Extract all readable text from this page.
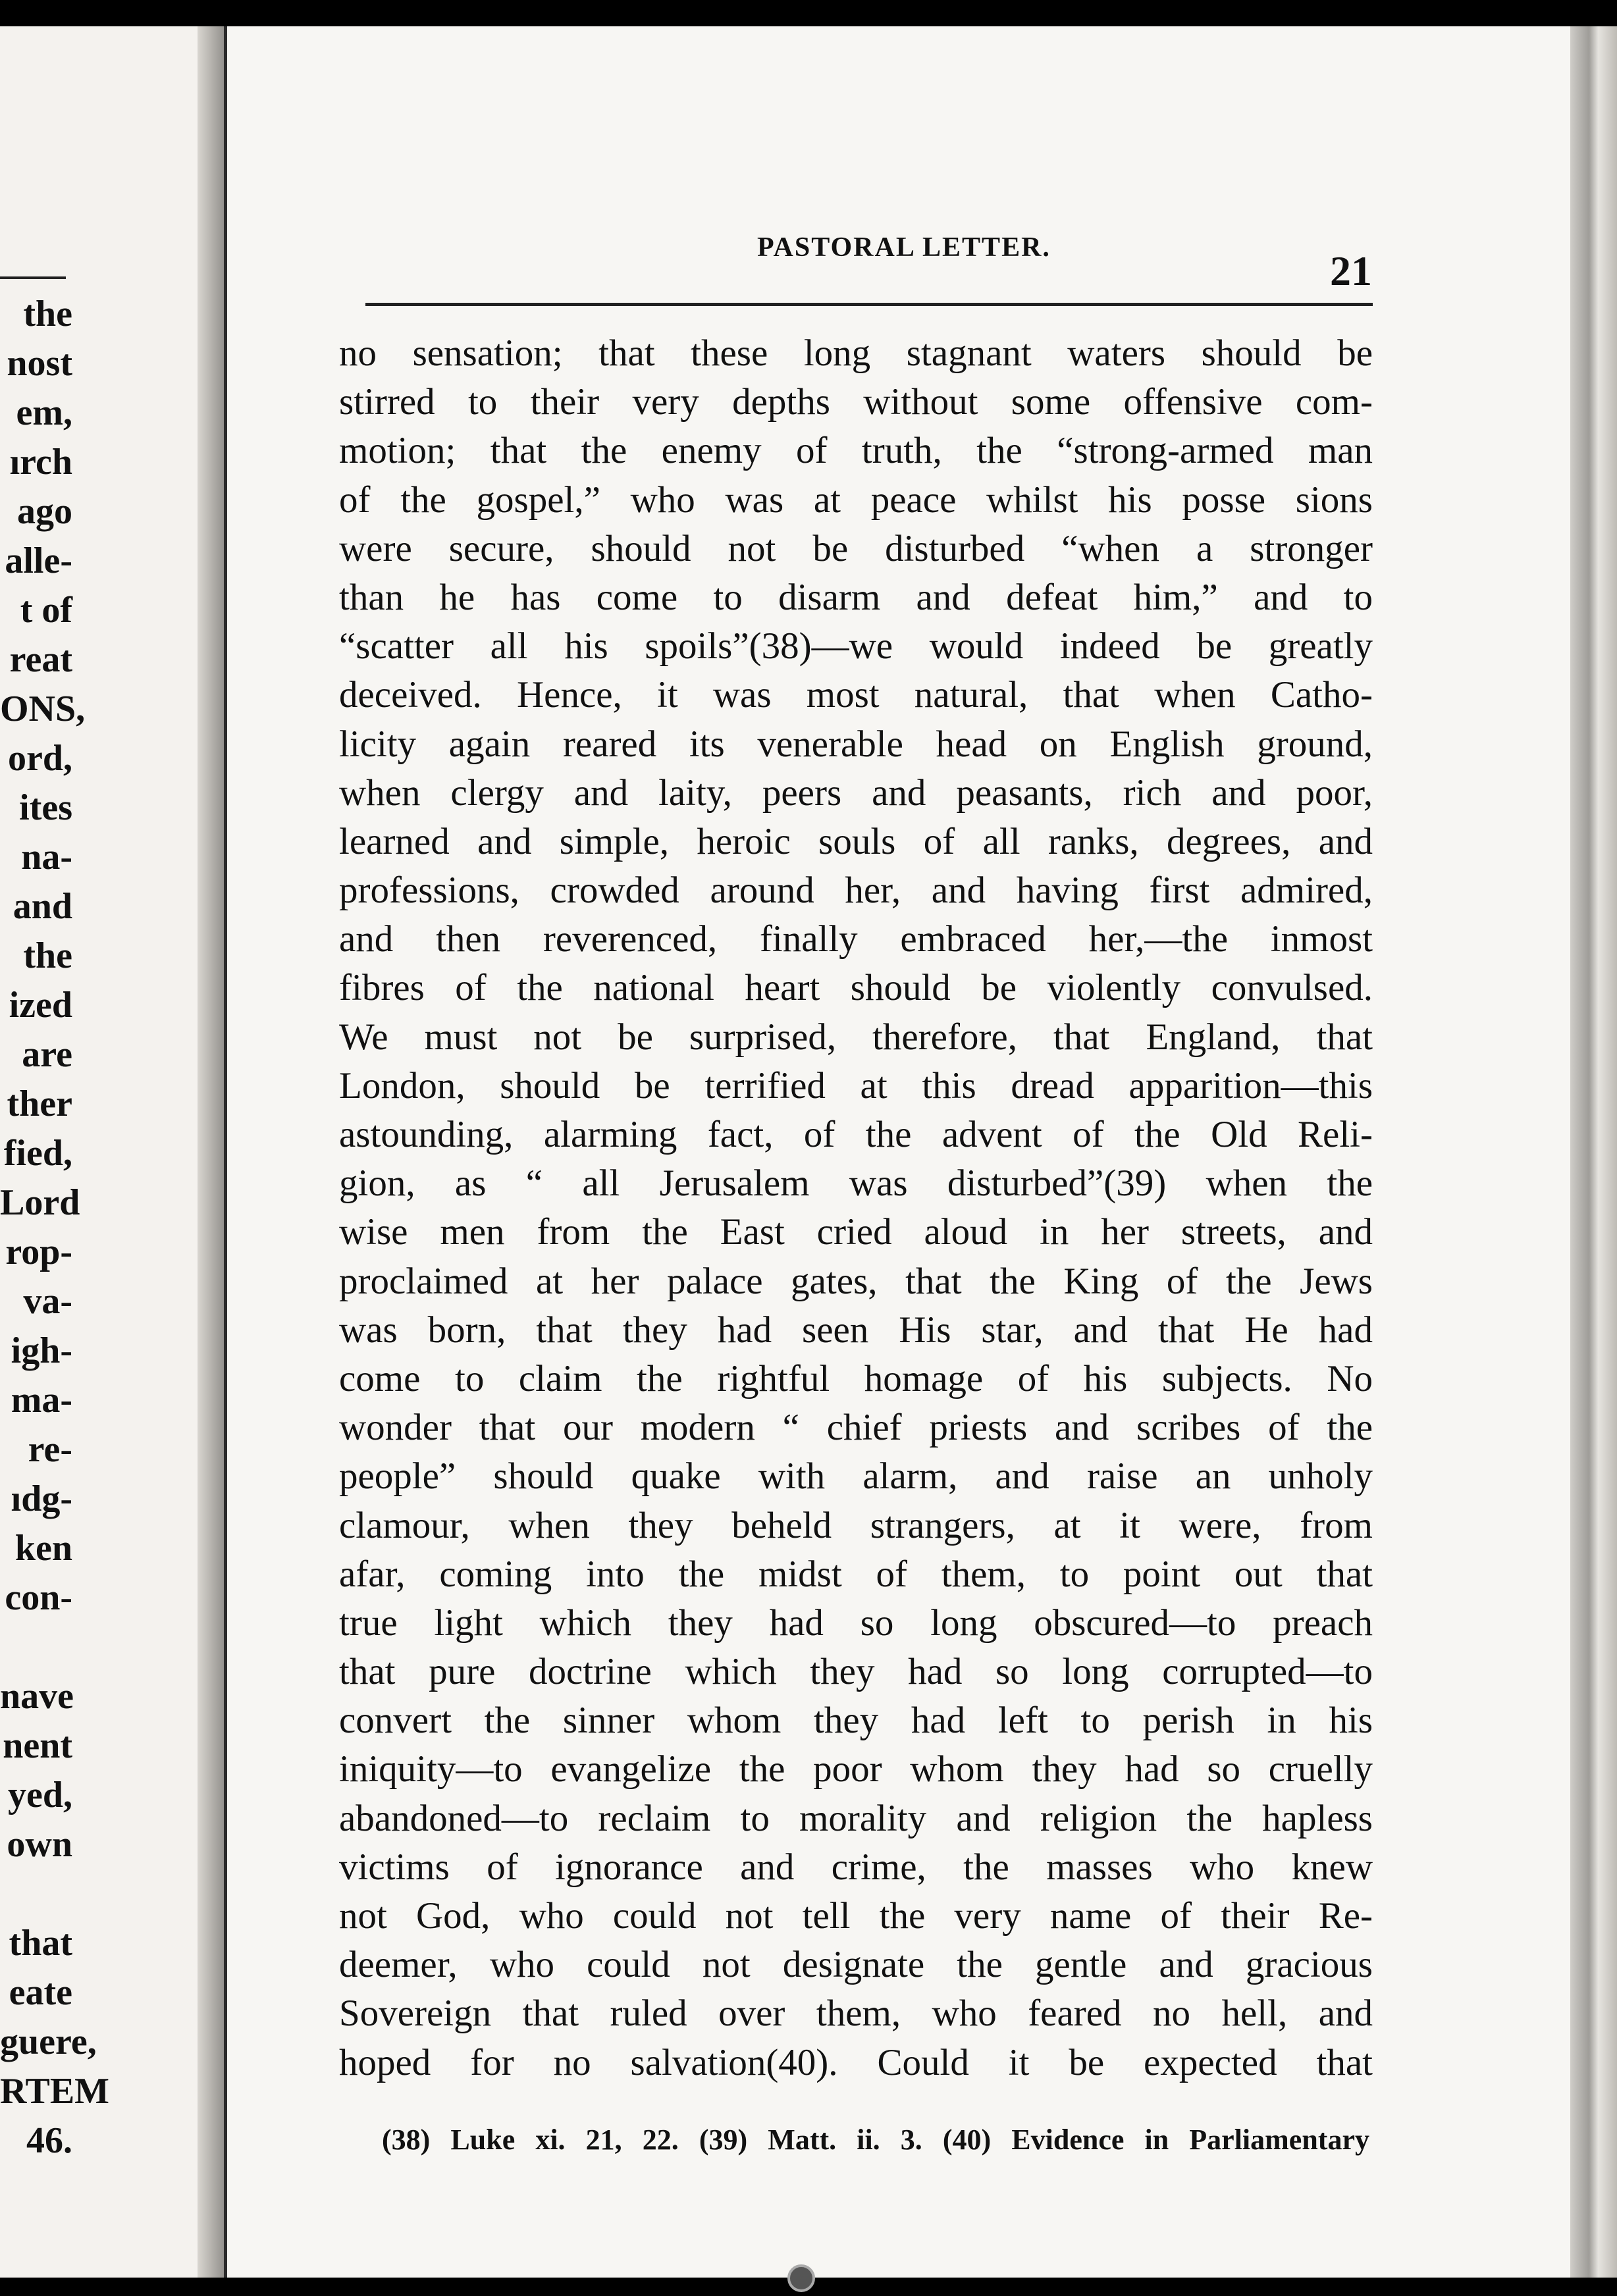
the
nost
em,
ırch
ago
alle-
t of
reat
ONS,
ord,
ites
na-
and
the
ized
are
ther
fied,
Lord
rop-
va-
igh-
ma-
re-
ıdg-
ken
con-
nave
nent
yed,
own
that
eate
guere,
RTEM
46.
PASTORAL LETTER.	21
no sensation; that these long stagnant waters should be
stirred to their very depths without some offensive com-
motion; that the enemy of truth, the “strong-armed man
of the gospel,” who was at peace whilst his posse sions
were secure, should not be disturbed “when a stronger
than he has come to disarm and defeat him,” and to
“scatter all his spoils”(38)—we would indeed be greatly
deceived. Hence, it was most natural, that when Catho-
licity again reared its venerable head on English ground,
when clergy and laity, peers and peasants, rich and poor,
learned and simple, heroic souls of all ranks, degrees, and
professions, crowded around her, and having first admired,
and then reverenced, finally embraced her,—the inmost
fibres of the national heart should be violently convulsed.
We must not be surprised, therefore, that England, that
London, should be terrified at this dread apparition—this
astounding, alarming fact, of the advent of the Old Reli-
gion, as “ all Jerusalem was disturbed”(39) when the
wise men from the East cried aloud in her streets, and
proclaimed at her palace gates, that the King of the Jews
was born, that they had seen His star, and that He had
come to claim the rightful homage of his subjects. No
wonder that our modern “ chief priests and scribes of the
people” should quake with alarm, and raise an unholy
clamour, when they beheld strangers, at it were, from
afar, coming into the midst of them, to point out that
true light which they had so long obscured—to preach
that pure doctrine which they had so long corrupted—to
convert the sinner whom they had left to perish in his
iniquity—to evangelize the poor whom they had so cruelly
abandoned—to reclaim to morality and religion the hapless
victims of ignorance and crime, the masses who knew
not God, who could not tell the very name of their Re-
deemer, who could not designate the gentle and gracious
Sovereign that ruled over them, who feared no hell, and
hoped for no salvation(40). Could it be expected that
(38) Luke xi. 21, 22. (39) Matt. ii. 3. (40) Evidence in Parliamentary
